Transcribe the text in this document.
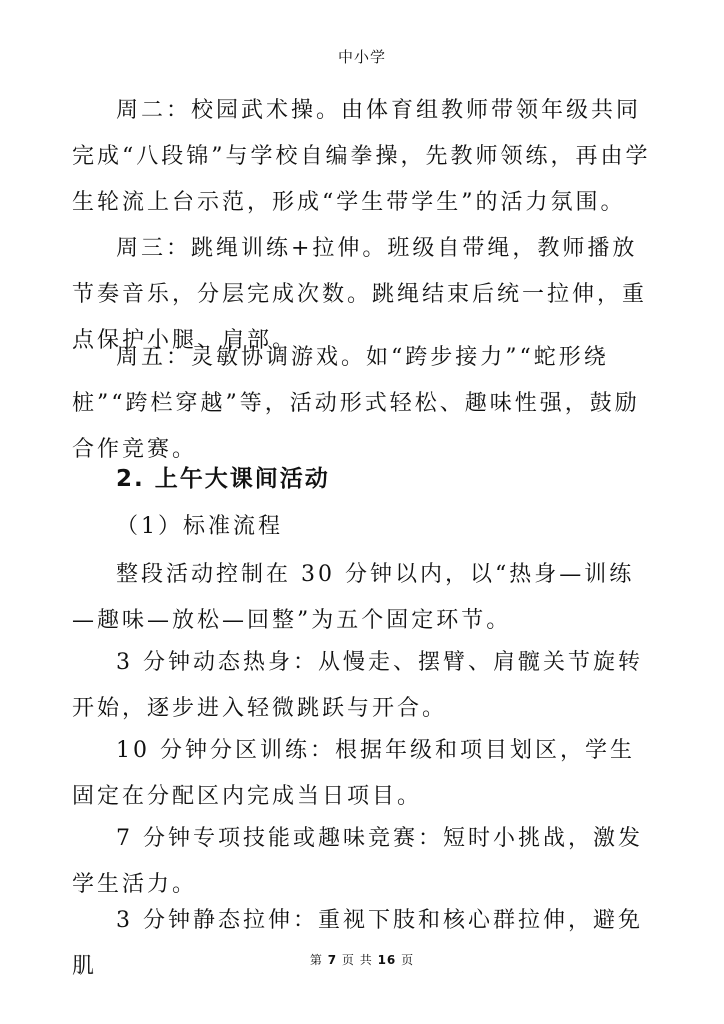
中小学

周二：校园武术操。由体育组教师带领年级共同完成“八段锦”与学校自编拳操，先教师领练，再由学生轮流上台示范，形成“学生带学生”的活力氛围。

周三：跳绳训练+拉伸。班级自带绳，教师播放节奏音乐，分层完成次数。跳绳结束后统一拉伸，重点保护小腿、肩部。

周五：灵敏协调游戏。如“跨步接力”“蛇形绕桩”“跨栏穿越”等，活动形式轻松、趣味性强，鼓励合作竞赛。

2. 上午大课间活动
（1）标准流程

整段活动控制在 30 分钟以内，以“热身—训练—趣味—放松—回整”为五个固定环节。

3 分钟动态热身：从慢走、摆臂、肩髋关节旋转开始，逐步进入轻微跳跃与开合。

10 分钟分区训练：根据年级和项目划区，学生固定在分配区内完成当日项目。

7 分钟专项技能或趣味竞赛：短时小挑战，激发学生活力。

3 分钟静态拉伸：重视下肢和核心群拉伸，避免肌	第 7 页 共 16 页
